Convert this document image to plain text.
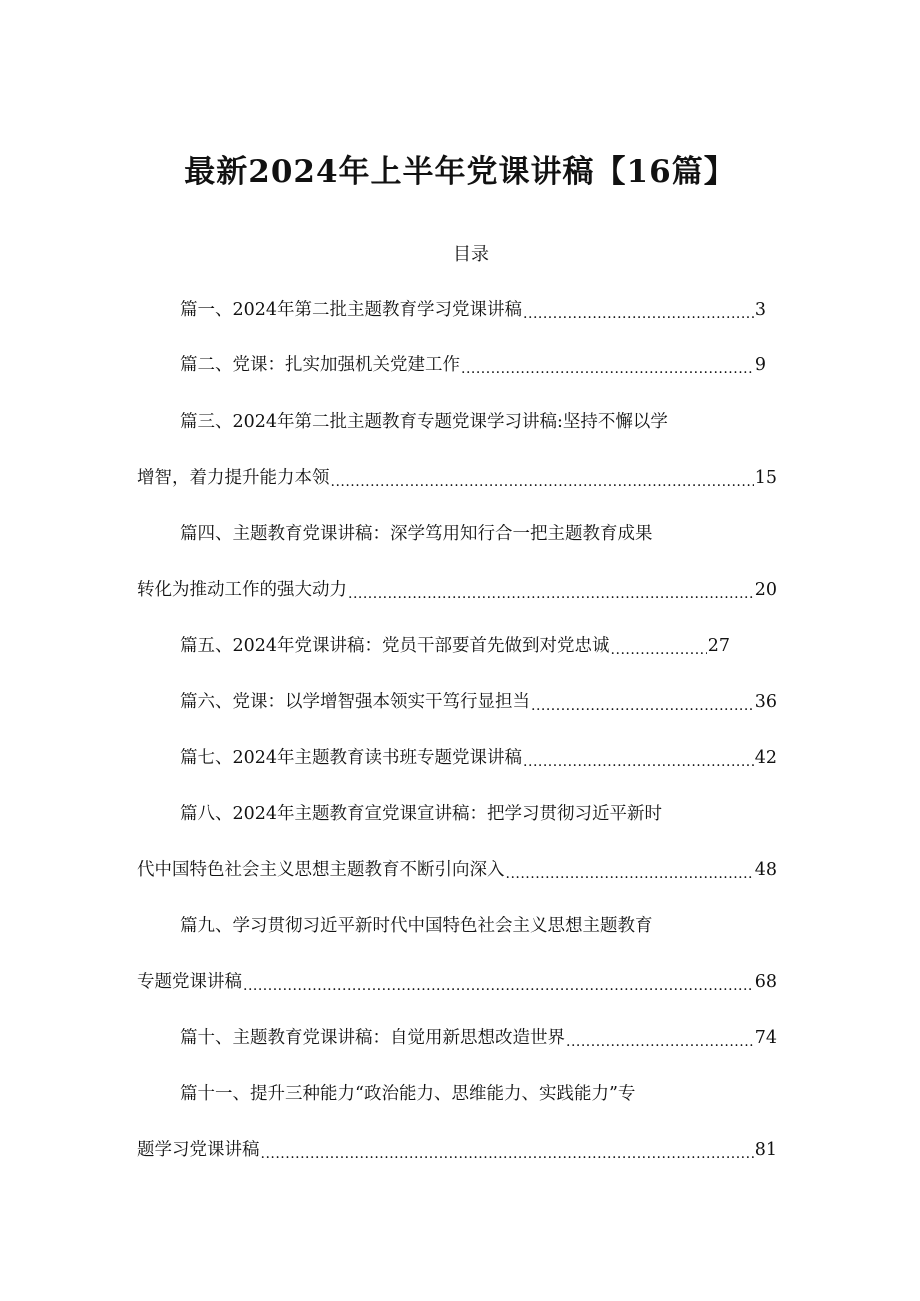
最新2024年上半年党课讲稿【16篇】
目录
篇一、2024年第二批主题教育学习党课讲稿 .....	3
篇二、党课：扎实加强机关党建工作 .....	9
篇三、2024年第二批主题教育专题党课学习讲稿:坚持不懈以学
增智，着力提升能力本领 .....	15
篇四、主题教育党课讲稿：深学笃用知行合一把主题教育成果
转化为推动工作的强大动力 .....	20
篇五、2024年党课讲稿：党员干部要首先做到对党忠诚 .....	27
篇六、党课：以学增智强本领实干笃行显担当 .....	36
篇七、2024年主题教育读书班专题党课讲稿 .....	42
篇八、2024年主题教育宣党课宣讲稿：把学习贯彻习近平新时
代中国特色社会主义思想主题教育不断引向深入 .....	48
篇九、学习贯彻习近平新时代中国特色社会主义思想主题教育
专题党课讲稿 .....	68
篇十、主题教育党课讲稿：自觉用新思想改造世界 .....	74
篇十一、提升三种能力“政治能力、思维能力、实践能力”专
题学习党课讲稿 .....	81
